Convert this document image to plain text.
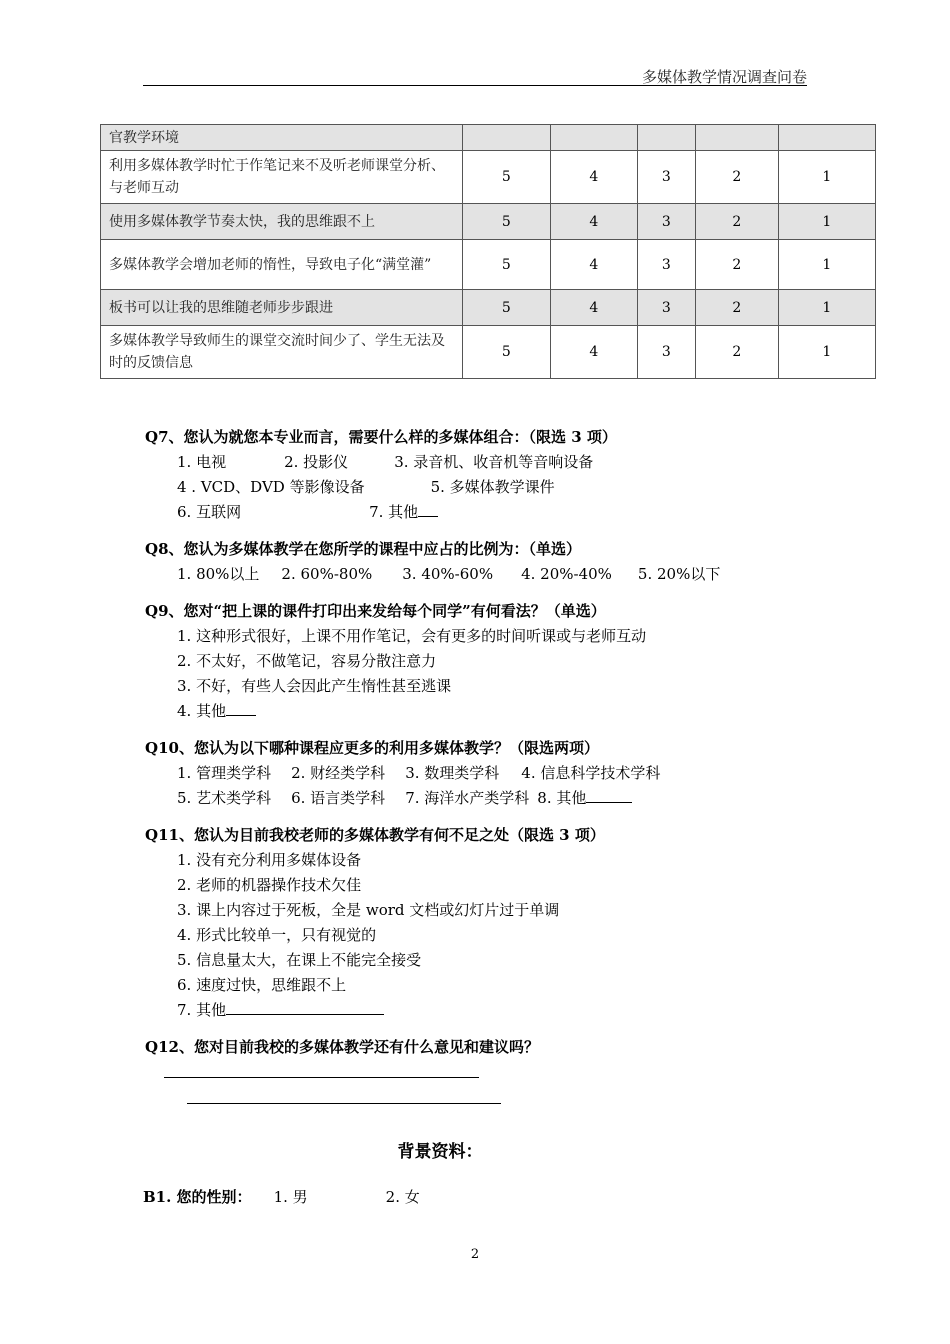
多媒体教学情况调查问卷
官教学环境					
利用多媒体教学时忙于作笔记来不及听老师课堂分析、与老师互动	5	4	3	2	1
使用多媒体教学节奏太快，我的思维跟不上	5	4	3	2	1
多媒体教学会增加老师的惰性，导致电子化“满堂灌”	5	4	3	2	1
板书可以让我的思维随老师步步跟进	5	4	3	2	1
多媒体教学导致师生的课堂交流时间少了、学生无法及时的反馈信息	5	4	3	2	1
Q7、您认为就您本专业而言，需要什么样的多媒体组合：（限选 3 项）
1. 电视	2. 投影仪	3. 录音机、收音机等音响设备
4 . VCD、DVD 等影像设备	5. 多媒体教学课件
6. 互联网	7. 其他
Q8、您认为多媒体教学在您所学的课程中应占的比例为：（单选）
1. 80%以上 2. 60%-80% 3. 40%-60% 4. 20%-40% 5. 20%以下
Q9、您对“把上课的课件打印出来发给每个同学”有何看法？（单选）
1. 这种形式很好，上课不用作笔记，会有更多的时间听课或与老师互动
2. 不太好，不做笔记，容易分散注意力
3. 不好，有些人会因此产生惰性甚至逃课
4. 其他
Q10、您认为以下哪种课程应更多的利用多媒体教学？（限选两项）
1. 管理类学科 2. 财经类学科 3. 数理类学科 4. 信息科学技术学科
5. 艺术类学科 6. 语言类学科 7. 海洋水产类学科 8. 其他
Q11、您认为目前我校老师的多媒体教学有何不足之处（限选 3 项）
1. 没有充分利用多媒体设备
2. 老师的机器操作技术欠佳
3. 课上内容过于死板，全是 word 文档或幻灯片过于单调
4. 形式比较单一，只有视觉的
5. 信息量太大，在课上不能完全接受
6. 速度过快，思维跟不上
7. 其他
Q12、您对目前我校的多媒体教学还有什么意见和建议吗？
背景资料：
B1. 您的性别： 1. 男	2. 女
2
